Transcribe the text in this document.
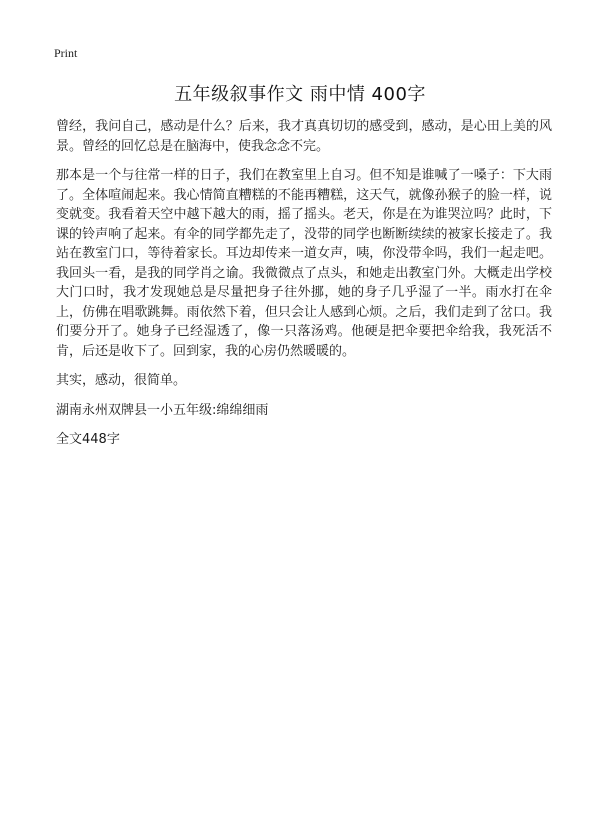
Print
五年级叙事作文 雨中情 400字

曾经，我问自己，感动是什么？后来，我才真真切切的感受到，感动，是心田上美的风景。曾经的回忆总是在脑海中，使我念念不完。

那本是一个与往常一样的日子，我们在教室里上自习。但不知是谁喊了一嗓子：下大雨了。全体喧闹起来。我心情简直糟糕的不能再糟糕，这天气，就像孙猴子的脸一样，说变就变。我看着天空中越下越大的雨，摇了摇头。老天，你是在为谁哭泣吗？此时，下课的铃声响了起来。有伞的同学都先走了，没带的同学也断断续续的被家长接走了。我站在教室门口，等待着家长。耳边却传来一道女声，咦，你没带伞吗，我们一起走吧。我回头一看，是我的同学肖之谕。我微微点了点头，和她走出教室门外。大概走出学校大门口时，我才发现她总是尽量把身子往外挪，她的身子几乎湿了一半。雨水打在伞上，仿佛在唱歌跳舞。雨依然下着，但只会让人感到心烦。之后，我们走到了岔口。我们要分开了。她身子已经湿透了，像一只落汤鸡。他硬是把伞要把伞给我，我死活不肯，后还是收下了。回到家，我的心房仍然暖暖的。

其实，感动，很简单。

湖南永州双牌县一小五年级:绵绵细雨

全文448字
